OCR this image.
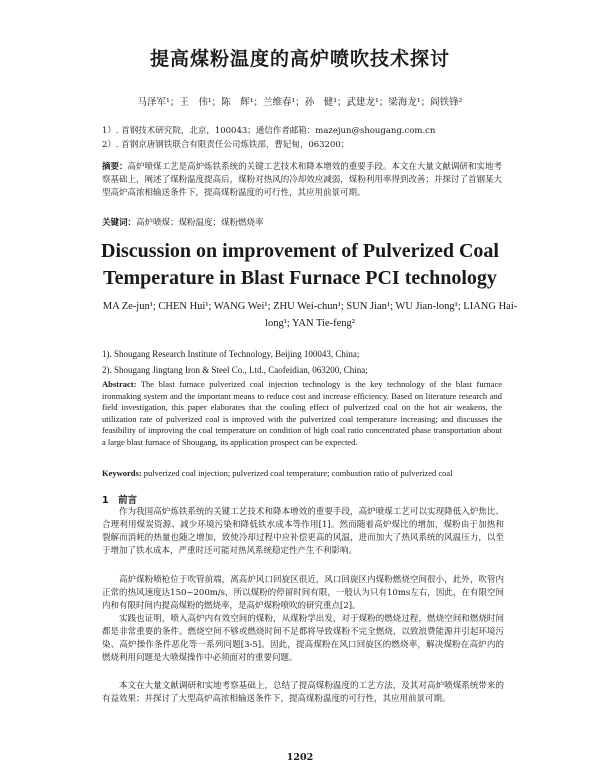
提高煤粉温度的高炉喷吹技术探讨
马泽军¹；王　伟¹；陈　辉¹；兰维春¹；孙　健¹；武建龙¹；梁海龙¹；阎铁锋²
1）. 首钢技术研究院，北京，100043；通信作者邮箱：mazejun@shougang.com.cn
2）. 首钢京唐钢铁联合有限责任公司炼铁部，曹妃甸，063200；
摘要：高炉喷煤工艺是高炉炼铁系统的关键工艺技术和降本增效的重要手段。本文在大量文献调研和实地考察基础上，阐述了煤粉温度提高后，煤粉对热风的冷却效应减弱，煤粉利用率得到改善；并探讨了首钢某大型高炉高浓相输送条件下，提高煤粉温度的可行性，其应用前景可期。
关键词：高炉喷煤；煤粉温度；煤粉燃烧率
Discussion on improvement of Pulverized Coal Temperature in Blast Furnace PCI technology
MA Ze-jun¹; CHEN Hui¹; WANG Wei¹; ZHU Wei-chun¹; SUN Jian¹; WU Jian-long¹; LIANG Hai-long¹; YAN Tie-feng²
1). Shougang Research Institute of Technology, Beijing 100043, China;
2). Shougang Jingtang Iron & Steel Co., Ltd., Caofeidian, 063200, China;
Abstract: The blast furnace pulverized coal injection technology is the key technology of the blast furnace ironmaking system and the important means to reduce cost and increase efficiency. Based on literature research and field investigation, this paper elaborates that the cooling effect of pulverized coal on the hot air weakens, the utilization rate of pulverized coal is improved with the pulverized coal temperature increasing; and discusses the feasibility of improving the coal temperature on condition of high coal ratio concentrated phase transportation about a large blast furnace of Shougang, its application prospect can be expected.
Keywords: pulverized coal injection; pulverized coal temperature; combustion ratio of pulverized coal
1　前言
作为我国高炉炼铁系统的关键工艺技术和降本增效的重要手段，高炉喷煤工艺可以实现降低入炉焦比、合理利用煤炭资源、减少环境污染和降低铁水成本等作用[1]。然而随着高炉煤比的增加，煤粉由于加热和裂解而消耗的热量也随之增加，致使冷却过程中应补偿更高的风温，进而加大了热风系统的风温压力，以至于增加了铁水成本，严重时还可能对热风系统稳定性产生不利影响。
高炉煤粉喷枪位于吹管前端，离高炉风口回旋区很近，风口回旋区内煤粉燃烧空间很小，此外，吹管内正常的热风速度达150~200m/s，所以煤粉的停留时间有限，一般认为只有10ms左右，因此，在有限空间内和有限时间内提高煤粉的燃烧率，是高炉煤粉喷吹的研究重点[2]。
实践也证明，喷入高炉内有效空间的煤粉，从煤粉学出发，对于煤粉的燃烧过程，燃烧空间和燃烧时间都是非常重要的条件。燃烧空间不够或燃烧时间不足都将导致煤粉不完全燃烧，以致浪费能源并引起环境污染、高炉操作条件恶化等一系列问题[3-5]。因此，提高煤粉在风口回旋区的燃烧率，解决煤粉在高炉内的燃烧利用问题是大喷煤操作中必须面对的重要问题。
本文在大量文献调研和实地考察基础上，总结了提高煤粉温度的工艺方法，及其对高炉喷煤系统带来的有益效果；并探讨了大型高炉高浓相输送条件下，提高煤粉温度的可行性，其应用前景可期。
1202
